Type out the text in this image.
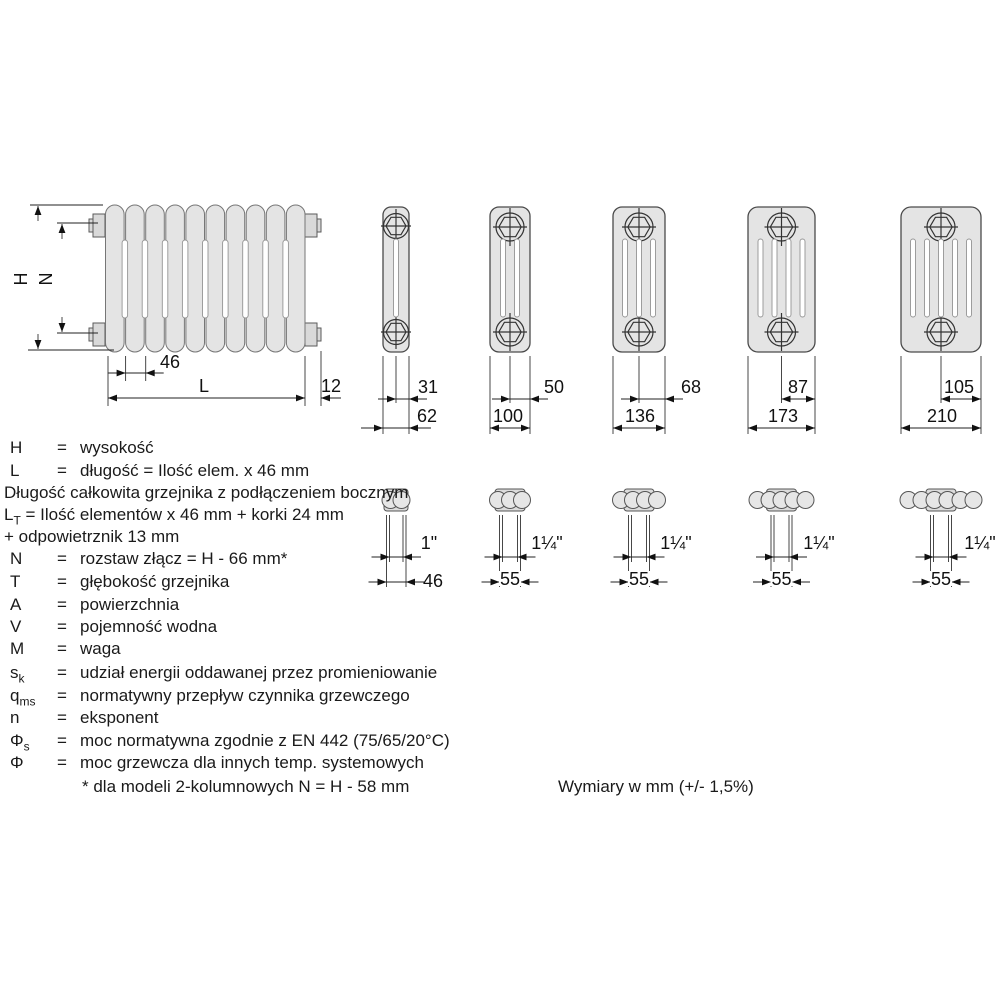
H N
46
L	12	31
62
50
100
68
136
87
173
105
210
1"
46
1¼"
55
1¼"
55
1¼"
55
1¼"
55
H	= wysokość
L	= długość = Ilość elem. x 46 mm
Długość całkowita grzejnika z podłączeniem bocznym
$L_T$ = Ilość elementów x 46 mm + korki 24 mm
+ odpowietrznik 13 mm
N	= rozstaw złącz = H - 66 mm*
T	= głębokość grzejnika
A	= powierzchnia
V	= pojemność wodna
M	= waga
$s_k$	= udział energii oddawanej przez promieniowanie
$q_{ms}$	= normatywny przepływ czynnika grzewczego
n	= eksponent
$\Phi_s$	= moc normatywna zgodnie z EN 442 (75/65/20°C)
Φ	= moc grzewcza dla innych temp. systemowych
* dla modeli 2-kolumnowych N = H - 58 mm	Wymiary w mm (+/- 1,5%)
